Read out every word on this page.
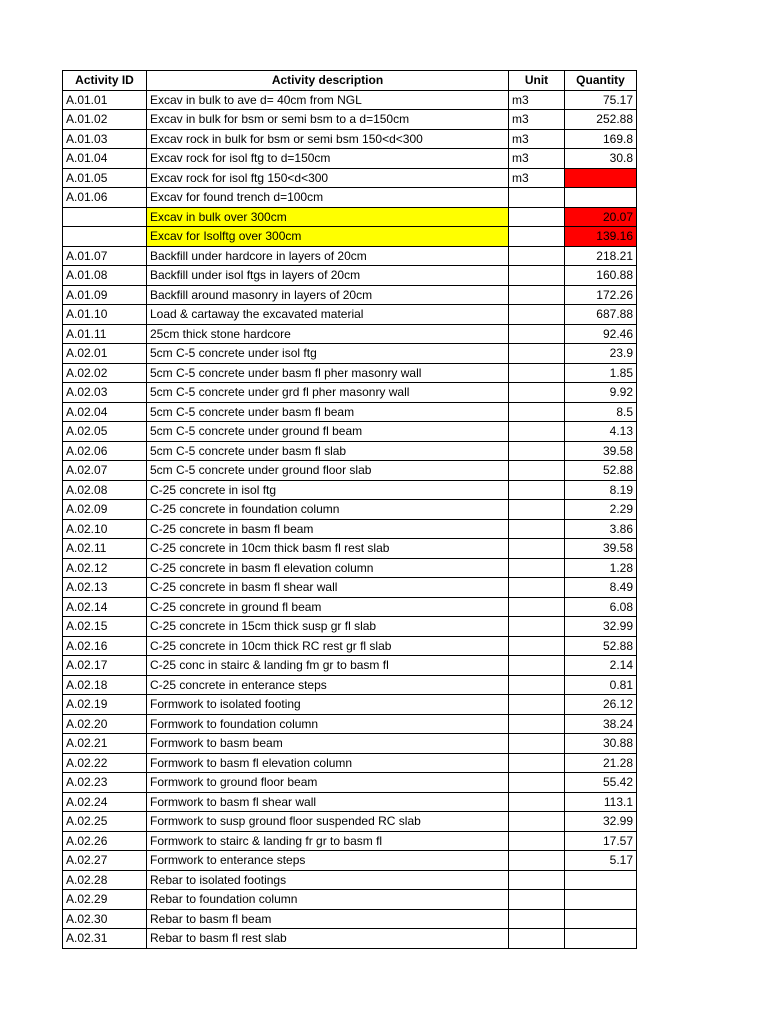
Activity ID	Activity description	Unit	Quantity
A.01.01	Excav in bulk to ave d= 40cm from NGL	m3	75.17
A.01.02	Excav in bulk for bsm or semi bsm to a d=150cm	m3	252.88
A.01.03	Excav rock in bulk for bsm or semi bsm 150<d<300	m3	169.8
A.01.04	Excav rock for isol ftg to d=150cm	m3	30.8
A.01.05	Excav rock for isol ftg 150<d<300	m3	
A.01.06	Excav for found trench d=100cm		
	Excav in bulk over 300cm		20.07
	Excav for Isolftg over 300cm		139.16
A.01.07	Backfill under hardcore in layers of 20cm		218.21
A.01.08	Backfill under isol ftgs in layers of 20cm		160.88
A.01.09	Backfill around masonry in layers of 20cm		172.26
A.01.10	Load & cartaway the excavated material		687.88
A.01.11	25cm thick stone hardcore		92.46
A.02.01	5cm C-5 concrete under isol ftg		23.9
A.02.02	5cm C-5 concrete under basm fl pher masonry wall		1.85
A.02.03	5cm C-5 concrete under grd fl pher masonry wall		9.92
A.02.04	5cm C-5 concrete under basm fl beam		8.5
A.02.05	5cm C-5 concrete under ground fl beam		4.13
A.02.06	5cm C-5 concrete under basm fl slab		39.58
A.02.07	5cm C-5 concrete under ground floor slab		52.88
A.02.08	C-25 concrete in isol ftg		8.19
A.02.09	C-25 concrete in foundation column		2.29
A.02.10	C-25 concrete in basm fl beam		3.86
A.02.11	C-25 concrete in 10cm thick basm fl rest slab		39.58
A.02.12	C-25 concrete in basm fl elevation column		1.28
A.02.13	C-25 concrete in basm fl shear wall		8.49
A.02.14	C-25 concrete in ground fl beam		6.08
A.02.15	C-25 concrete in 15cm thick susp gr fl slab		32.99
A.02.16	C-25 concrete in 10cm thick RC rest gr fl slab		52.88
A.02.17	C-25 conc in stairc & landing fm gr to basm fl		2.14
A.02.18	C-25 concrete in enterance steps		0.81
A.02.19	Formwork to isolated footing		26.12
A.02.20	Formwork to foundation column		38.24
A.02.21	Formwork to basm beam		30.88
A.02.22	Formwork to basm fl elevation column		21.28
A.02.23	Formwork to ground floor beam		55.42
A.02.24	Formwork to basm fl shear wall		113.1
A.02.25	Formwork to susp ground floor suspended RC slab		32.99
A.02.26	Formwork to stairc & landing fr gr to basm fl		17.57
A.02.27	Formwork to enterance steps		5.17
A.02.28	Rebar to isolated footings		
A.02.29	Rebar to foundation column		
A.02.30	Rebar to basm fl beam		
A.02.31	Rebar to basm fl rest slab		
